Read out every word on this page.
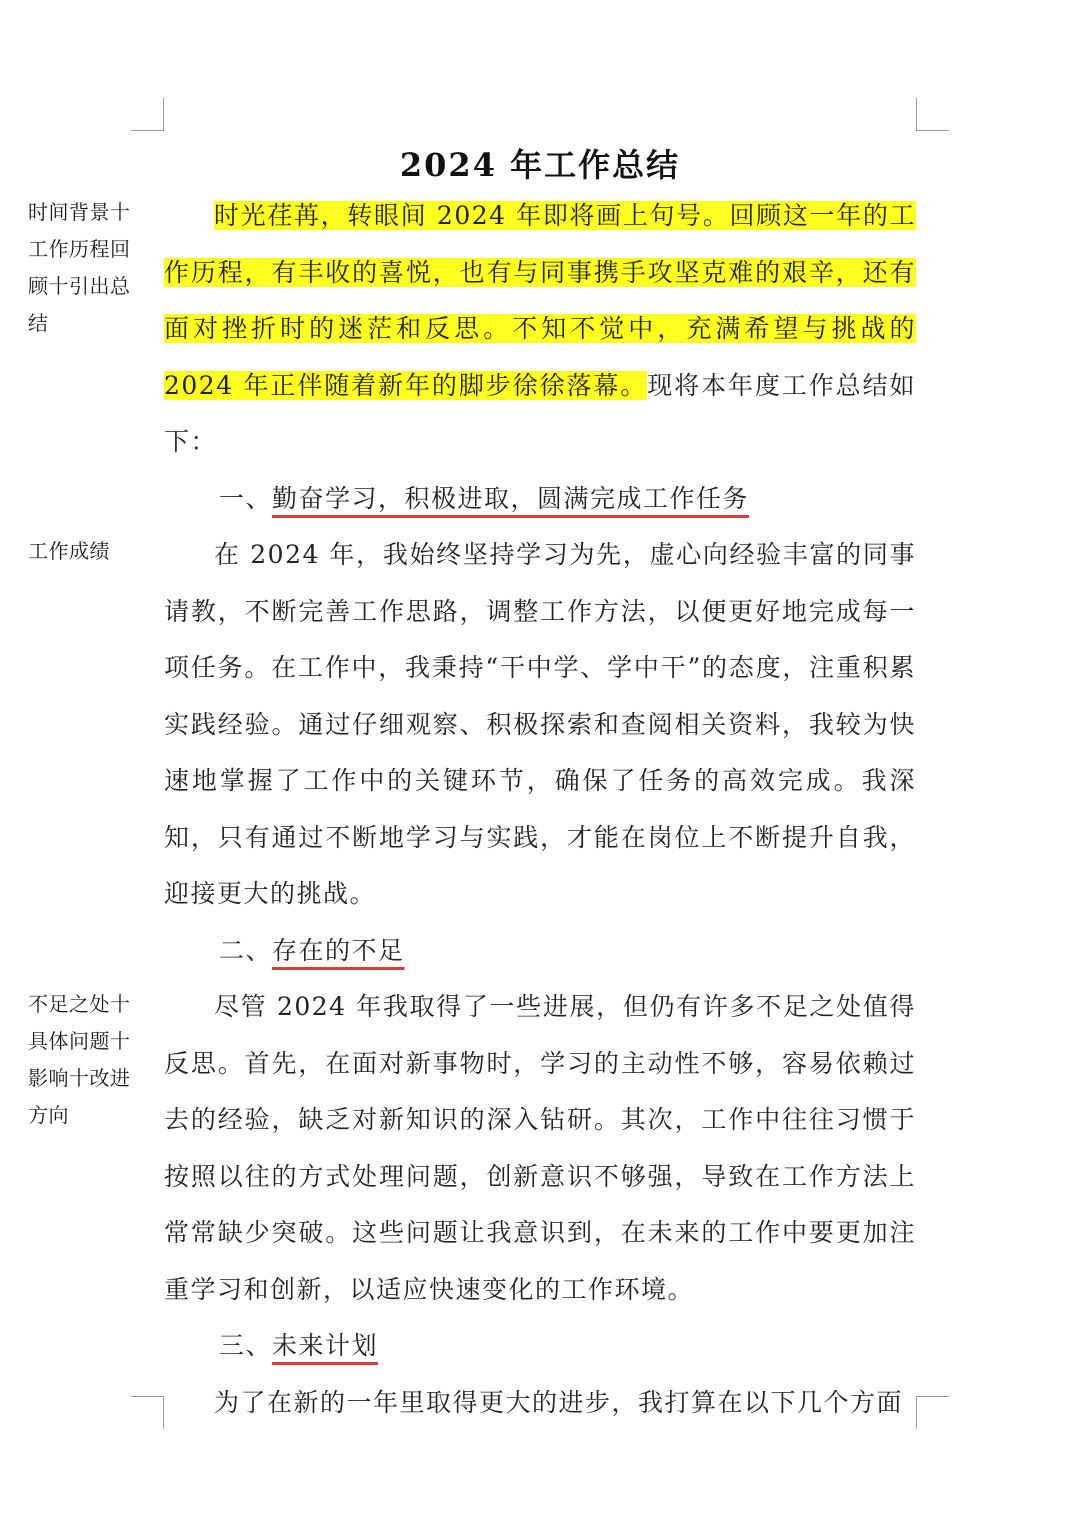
2024 年工作总结
时间背景十工作历程回顾十引出总结
工作成绩
不足之处十具体问题十影响十改进方向

时光荏苒，转眼间 2024 年即将画上句号。回顾这一年的工作历程，有丰收的喜悦，也有与同事携手攻坚克难的艰辛，还有面对挫折时的迷茫和反思。不知不觉中，充满希望与挑战的 2024 年正伴随着新年的脚步徐徐落幕。现将本年度工作总结如下：

一、勤奋学习，积极进取，圆满完成工作任务

在 2024 年，我始终坚持学习为先，虚心向经验丰富的同事请教，不断完善工作思路，调整工作方法，以便更好地完成每一项任务。在工作中，我秉持“干中学、学中干”的态度，注重积累实践经验。通过仔细观察、积极探索和查阅相关资料，我较为快速地掌握了工作中的关键环节，确保了任务的高效完成。我深知，只有通过不断地学习与实践，才能在岗位上不断提升自我，迎接更大的挑战。

二、存在的不足

尽管 2024 年我取得了一些进展，但仍有许多不足之处值得反思。首先，在面对新事物时，学习的主动性不够，容易依赖过去的经验，缺乏对新知识的深入钻研。其次，工作中往往习惯于按照以往的方式处理问题，创新意识不够强，导致在工作方法上常常缺少突破。这些问题让我意识到，在未来的工作中要更加注重学习和创新，以适应快速变化的工作环境。

三、未来计划

为了在新的一年里取得更大的进步，我打算在以下几个方面
